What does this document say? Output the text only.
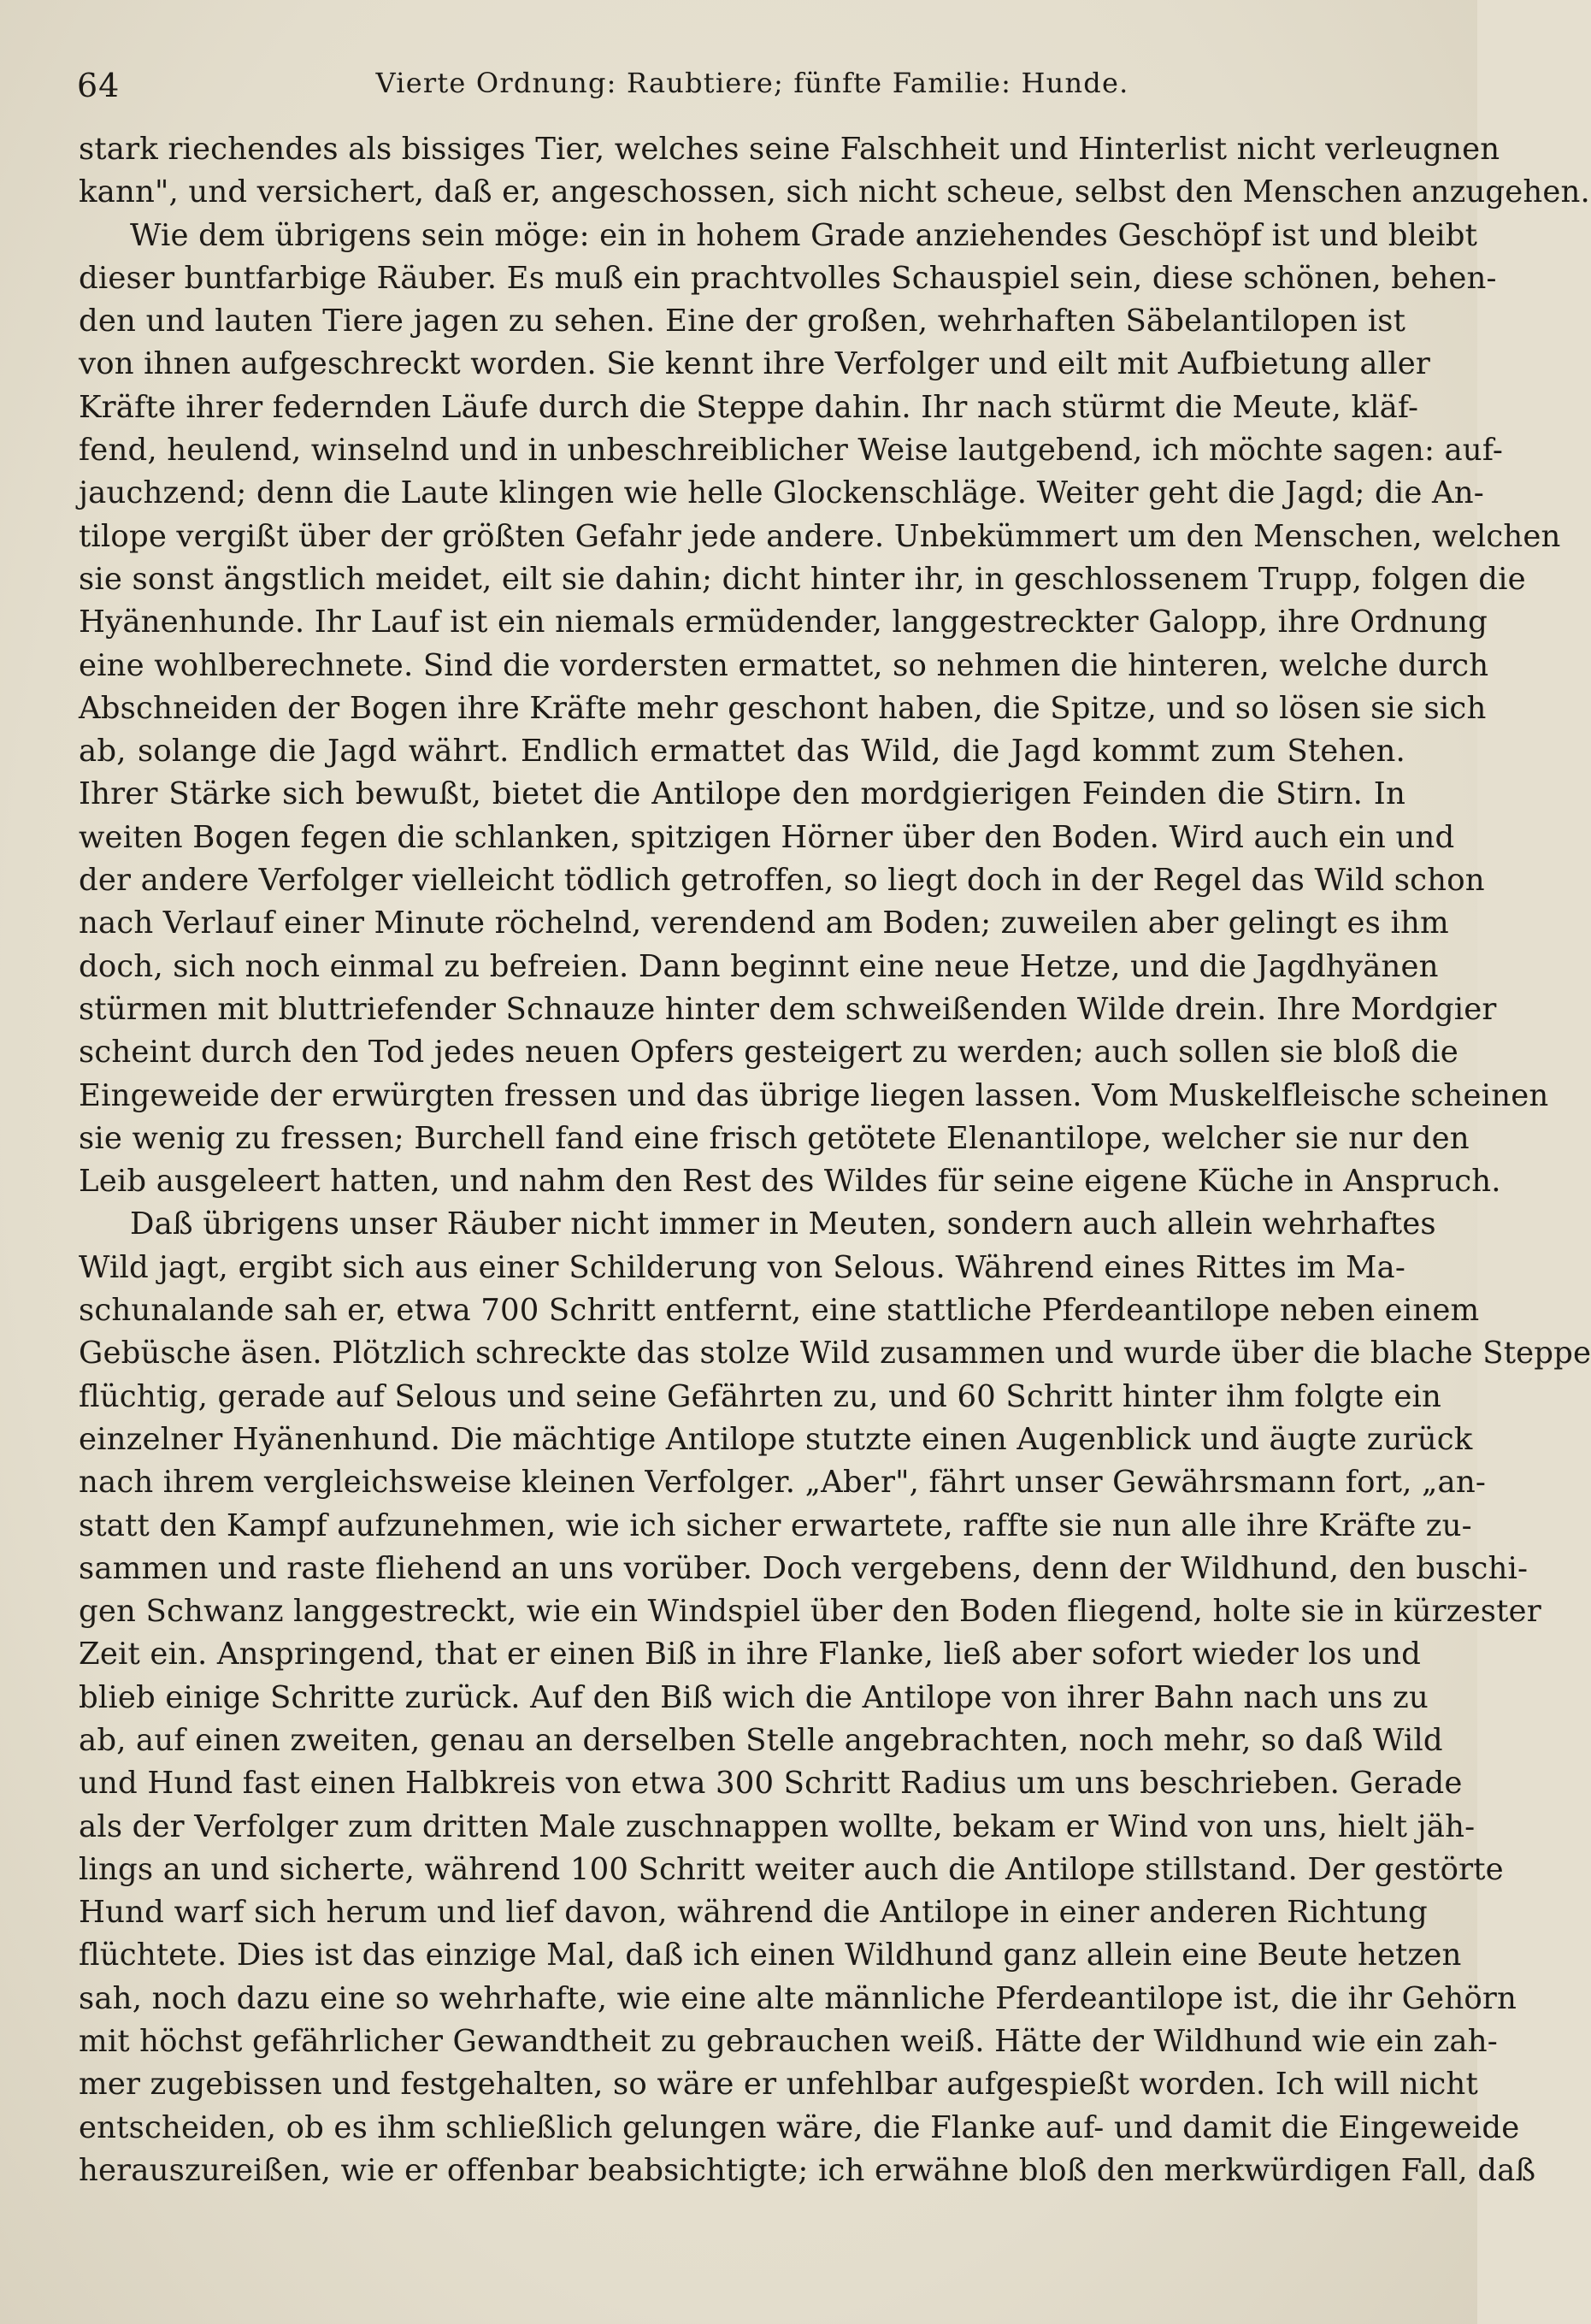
Vierte Ordnung: Raubtiere; fünfte Familie: Hunde.
64
stark riechendes als bissiges Tier, welches seine Falschheit und Hinterlist nicht verleugnen
kann", und versichert, daß er, angeschossen, sich nicht scheue, selbst den Menschen anzugehen.
Wie dem übrigens sein möge: ein in hohem Grade anziehendes Geschöpf ist und bleibt
dieser buntfarbige Räuber. Es muß ein prachtvolles Schauspiel sein, diese schönen, behen-
den und lauten Tiere jagen zu sehen. Eine der großen, wehrhaften Säbelantilopen ist
von ihnen aufgeschreckt worden. Sie kennt ihre Verfolger und eilt mit Aufbietung aller
Kräfte ihrer federnden Läufe durch die Steppe dahin. Ihr nach stürmt die Meute, kläf-
fend, heulend, winselnd und in unbeschreiblicher Weise lautgebend, ich möchte sagen: auf-
jauchzend; denn die Laute klingen wie helle Glockenschläge. Weiter geht die Jagd; die An-
tilope vergißt über der größten Gefahr jede andere. Unbekümmert um den Menschen, welchen
sie sonst ängstlich meidet, eilt sie dahin; dicht hinter ihr, in geschlossenem Trupp, folgen die
Hyänenhunde. Ihr Lauf ist ein niemals ermüdender, langgestreckter Galopp, ihre Ordnung
eine wohlberechnete. Sind die vordersten ermattet, so nehmen die hinteren, welche durch
Abschneiden der Bogen ihre Kräfte mehr geschont haben, die Spitze, und so lösen sie sich
ab, solange die Jagd währt. Endlich ermattet das Wild, die Jagd kommt zum Stehen.
Ihrer Stärke sich bewußt, bietet die Antilope den mordgierigen Feinden die Stirn. In
weiten Bogen fegen die schlanken, spitzigen Hörner über den Boden. Wird auch ein und
der andere Verfolger vielleicht tödlich getroffen, so liegt doch in der Regel das Wild schon
nach Verlauf einer Minute röchelnd, verendend am Boden; zuweilen aber gelingt es ihm
doch, sich noch einmal zu befreien. Dann beginnt eine neue Hetze, und die Jagdhyänen
stürmen mit bluttriefender Schnauze hinter dem schweißenden Wilde drein. Ihre Mordgier
scheint durch den Tod jedes neuen Opfers gesteigert zu werden; auch sollen sie bloß die
Eingeweide der erwürgten fressen und das übrige liegen lassen. Vom Muskelfleische scheinen
sie wenig zu fressen; Burchell fand eine frisch getötete Elenantilope, welcher sie nur den
Leib ausgeleert hatten, und nahm den Rest des Wildes für seine eigene Küche in Anspruch.
Daß übrigens unser Räuber nicht immer in Meuten, sondern auch allein wehrhaftes
Wild jagt, ergibt sich aus einer Schilderung von Selous. Während eines Rittes im Ma-
schunalande sah er, etwa 700 Schritt entfernt, eine stattliche Pferdeantilope neben einem
Gebüsche äsen. Plötzlich schreckte das stolze Wild zusammen und wurde über die blache Steppe
flüchtig, gerade auf Selous und seine Gefährten zu, und 60 Schritt hinter ihm folgte ein
einzelner Hyänenhund. Die mächtige Antilope stutzte einen Augenblick und äugte zurück
nach ihrem vergleichsweise kleinen Verfolger. „Aber", fährt unser Gewährsmann fort, „an-
statt den Kampf aufzunehmen, wie ich sicher erwartete, raffte sie nun alle ihre Kräfte zu-
sammen und raste fliehend an uns vorüber. Doch vergebens, denn der Wildhund, den buschi-
gen Schwanz langgestreckt, wie ein Windspiel über den Boden fliegend, holte sie in kürzester
Zeit ein. Anspringend, that er einen Biß in ihre Flanke, ließ aber sofort wieder los und
blieb einige Schritte zurück. Auf den Biß wich die Antilope von ihrer Bahn nach uns zu
ab, auf einen zweiten, genau an derselben Stelle angebrachten, noch mehr, so daß Wild
und Hund fast einen Halbkreis von etwa 300 Schritt Radius um uns beschrieben. Gerade
als der Verfolger zum dritten Male zuschnappen wollte, bekam er Wind von uns, hielt jäh-
lings an und sicherte, während 100 Schritt weiter auch die Antilope stillstand. Der gestörte
Hund warf sich herum und lief davon, während die Antilope in einer anderen Richtung
flüchtete. Dies ist das einzige Mal, daß ich einen Wildhund ganz allein eine Beute hetzen
sah, noch dazu eine so wehrhafte, wie eine alte männliche Pferdeantilope ist, die ihr Gehörn
mit höchst gefährlicher Gewandtheit zu gebrauchen weiß. Hätte der Wildhund wie ein zah-
mer zugebissen und festgehalten, so wäre er unfehlbar aufgespießt worden. Ich will nicht
entscheiden, ob es ihm schließlich gelungen wäre, die Flanke auf- und damit die Eingeweide
herauszureißen, wie er offenbar beabsichtigte; ich erwähne bloß den merkwürdigen Fall, daß
